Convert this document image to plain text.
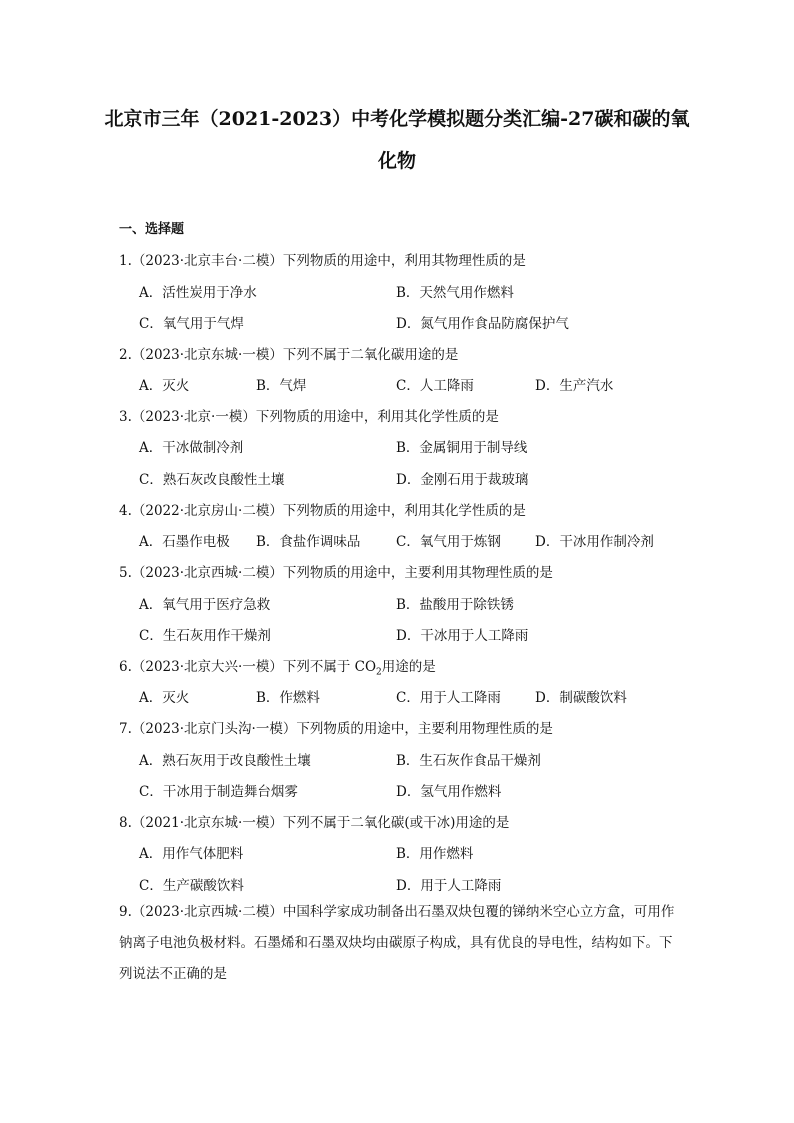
北京市三年（2021-2023）中考化学模拟题分类汇编-27碳和碳的氧化物
一、选择题
1.（2023·北京丰台·二模）下列物质的用途中，利用其物理性质的是
A．活性炭用于净水	B．天然气用作燃料
C．氧气用于气焊	D．氮气用作食品防腐保护气
2.（2023·北京东城·一模）下列不属于二氧化碳用途的是
A．灭火	B．气焊	C．人工降雨	D．生产汽水
3.（2023·北京·一模）下列物质的用途中，利用其化学性质的是
A．干冰做制冷剂	B．金属铜用于制导线
C．熟石灰改良酸性土壤	D．金刚石用于裁玻璃
4.（2022·北京房山·二模）下列物质的用途中，利用其化学性质的是
A．石墨作电极 B．食盐作调味品	C．氧气用于炼钢	D．干冰用作制冷剂
5.（2023·北京西城·二模）下列物质的用途中，主要利用其物理性质的是
A．氧气用于医疗急救	B．盐酸用于除铁锈
C．生石灰用作干燥剂	D．干冰用于人工降雨
6.（2023·北京大兴·一模）下列不属于 $CO_2$用途的是
A．灭火	B．作燃料	C．用于人工降雨	D．制碳酸饮料
7.（2023·北京门头沟·一模）下列物质的用途中，主要利用物理性质的是
A．熟石灰用于改良酸性土壤	B．生石灰作食品干燥剂
C．干冰用于制造舞台烟雾	D．氢气用作燃料
8.（2021·北京东城·一模）下列不属于二氧化碳(或干冰)用途的是
A．用作气体肥料	B．用作燃料
C．生产碳酸饮料	D．用于人工降雨
9.（2023·北京西城·二模）中国科学家成功制备出石墨双炔包覆的锑纳米空心立方盒，可用作钠离子电池负极材料。石墨烯和石墨双炔均由碳原子构成，具有优良的导电性，结构如下。下列说法不正确的是
